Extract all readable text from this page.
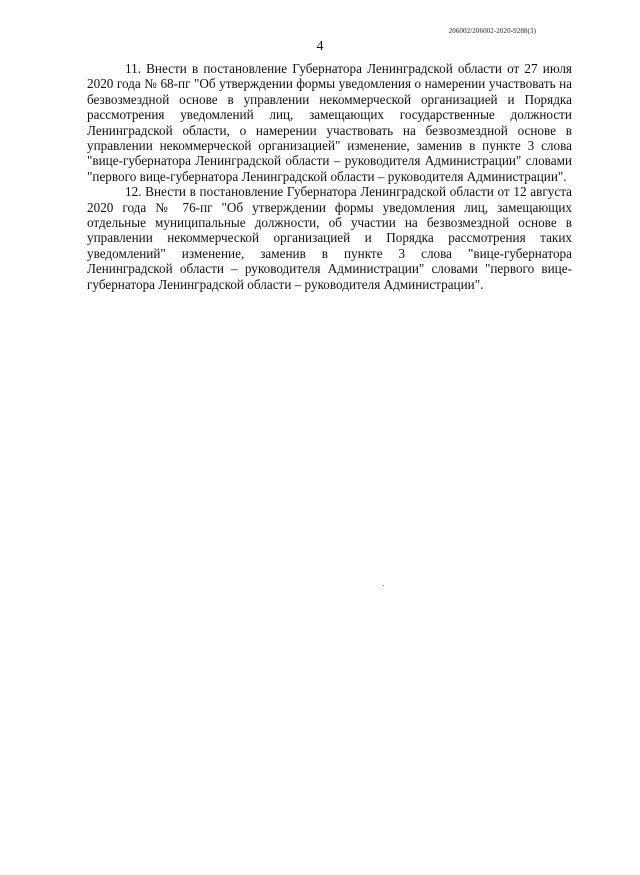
206002/206002-2020-9288(3)
4

11. Внести в постановление Губернатора Ленинградской области от 27 июля 2020 года № 68-пг "Об утверждении формы уведомления о намерении участвовать на безвозмездной основе в управлении некоммерческой организацией и Порядка рассмотрения уведомлений лиц, замещающих государственные должности Ленинградской области, о намерении участвовать на безвозмездной основе в управлении некоммерческой организацией" изменение, заменив в пункте 3 слова "вице-губернатора Ленинградской области – руководителя Администрации" словами "первого вице-губернатора Ленинградской области – руководителя Администрации".

12. Внести в постановление Губернатора Ленинградской области от 12 августа 2020 года № 76-пг "Об утверждении формы уведомления лиц, замещающих отдельные муниципальные должности, об участии на безвозмездной основе в управлении некоммерческой организацией и Порядка рассмотрения таких уведомлений" изменение, заменив в пункте 3 слова "вице-губернатора Ленинградской области – руководителя Администрации" словами "первого вице-губернатора Ленинградской области – руководителя Администрации".
